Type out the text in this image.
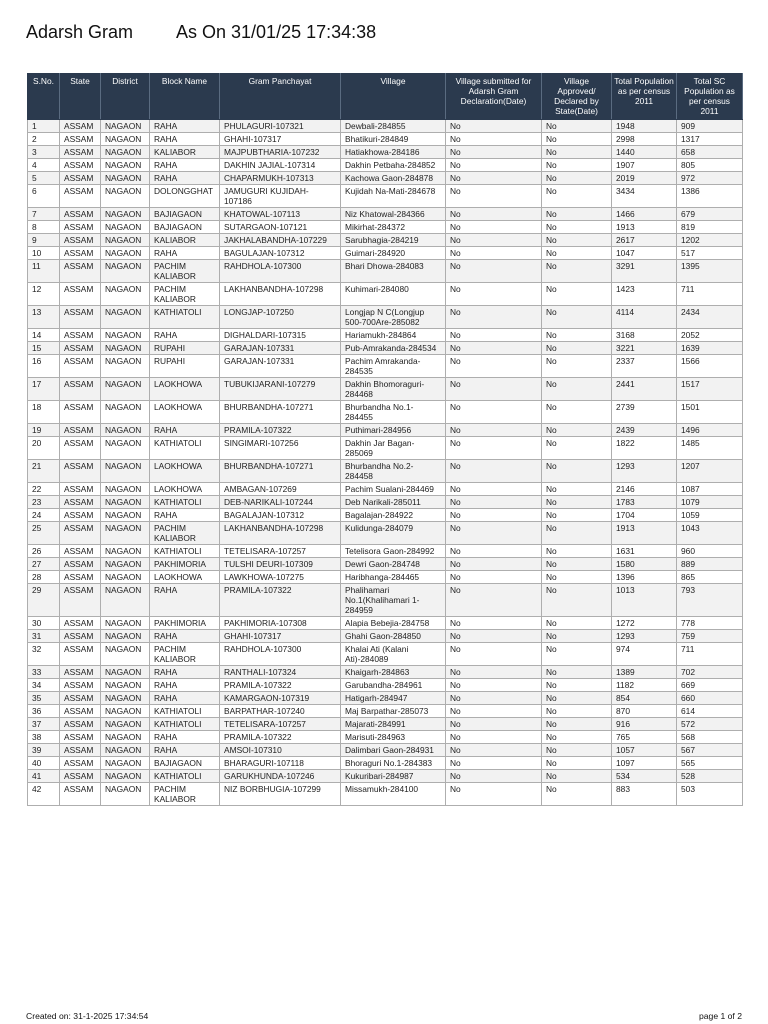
Adarsh Gram As On 31/01/25 17:34:38
S.No.	State	District	Block Name	Gram Panchayat	Village	Village submitted for Adarsh Gram Declaration(Date)	Village Approved/ Declared by State(Date)	Total Population as per census 2011	Total SC Population as per census 2011
1	ASSAM	NAGAON	RAHA	PHULAGURI-107321	Dewbali-284855	No	No	1948	909
2	ASSAM	NAGAON	RAHA	GHAHI-107317	Bhatikuri-284849	No	No	2998	1317
3	ASSAM	NAGAON	KALIABOR	MAJPUBTHARIA-107232	Hatiakhowa-284186	No	No	1440	658
4	ASSAM	NAGAON	RAHA	DAKHIN JAJIAL-107314	Dakhin Petbaha-284852	No	No	1907	805
5	ASSAM	NAGAON	RAHA	CHAPARMUKH-107313	Kachowa Gaon-284878	No	No	2019	972
6	ASSAM	NAGAON	DOLONGGHAT	JAMUGURI KUJIDAH-107186	Kujidah Na-Mati-284678	No	No	3434	1386
7	ASSAM	NAGAON	BAJIAGAON	KHATOWAL-107113	Niz Khatowal-284366	No	No	1466	679
8	ASSAM	NAGAON	BAJIAGAON	SUTARGAON-107121	Mikirhat-284372	No	No	1913	819
9	ASSAM	NAGAON	KALIABOR	JAKHALABANDHA-107229	Sarubhagia-284219	No	No	2617	1202
10	ASSAM	NAGAON	RAHA	BAGULAJAN-107312	Guimari-284920	No	No	1047	517
11	ASSAM	NAGAON	PACHIM KALIABOR	RAHDHOLA-107300	Bhari Dhowa-284083	No	No	3291	1395
12	ASSAM	NAGAON	PACHIM KALIABOR	LAKHANBANDHA-107298	Kuhimari-284080	No	No	1423	711
13	ASSAM	NAGAON	KATHIATOLI	LONGJAP-107250	Longjap N C(Longjup 500-700Are-285082	No	No	4114	2434
14	ASSAM	NAGAON	RAHA	DIGHALDARI-107315	Hariamukh-284864	No	No	3168	2052
15	ASSAM	NAGAON	RUPAHI	GARAJAN-107331	Pub-Amrakanda-284534	No	No	3221	1639
16	ASSAM	NAGAON	RUPAHI	GARAJAN-107331	Pachim Amrakanda-284535	No	No	2337	1566
17	ASSAM	NAGAON	LAOKHOWA	TUBUKIJARANI-107279	Dakhin Bhomoraguri-284468	No	No	2441	1517
18	ASSAM	NAGAON	LAOKHOWA	BHURBANDHA-107271	Bhurbandha No.1-284455	No	No	2739	1501
19	ASSAM	NAGAON	RAHA	PRAMILA-107322	Puthimari-284956	No	No	2439	1496
20	ASSAM	NAGAON	KATHIATOLI	SINGIMARI-107256	Dakhin Jar Bagan-285069	No	No	1822	1485
21	ASSAM	NAGAON	LAOKHOWA	BHURBANDHA-107271	Bhurbandha No.2-284458	No	No	1293	1207
22	ASSAM	NAGAON	LAOKHOWA	AMBAGAN-107269	Pachim Sualani-284469	No	No	2146	1087
23	ASSAM	NAGAON	KATHIATOLI	DEB-NARIKALI-107244	Deb Narikali-285011	No	No	1783	1079
24	ASSAM	NAGAON	RAHA	BAGALAJAN-107312	Bagalajan-284922	No	No	1704	1059
25	ASSAM	NAGAON	PACHIM KALIABOR	LAKHANBANDHA-107298	Kulidunga-284079	No	No	1913	1043
26	ASSAM	NAGAON	KATHIATOLI	TETELISARA-107257	Tetelisora Gaon-284992	No	No	1631	960
27	ASSAM	NAGAON	PAKHIMORIA	TULSHI DEURI-107309	Dewri Gaon-284748	No	No	1580	889
28	ASSAM	NAGAON	LAOKHOWA	LAWKHOWA-107275	Haribhanga-284465	No	No	1396	865
29	ASSAM	NAGAON	RAHA	PRAMILA-107322	Phalihamari No.1(Khalihamari 1-284959	No	No	1013	793
30	ASSAM	NAGAON	PAKHIMORIA	PAKHIMORIA-107308	Alapia Bebejia-284758	No	No	1272	778
31	ASSAM	NAGAON	RAHA	GHAHI-107317	Ghahi Gaon-284850	No	No	1293	759
32	ASSAM	NAGAON	PACHIM KALIABOR	RAHDHOLA-107300	Khalai Ati (Kalani Ati)-284089	No	No	974	711
33	ASSAM	NAGAON	RAHA	RANTHALI-107324	Khaigarh-284863	No	No	1389	702
34	ASSAM	NAGAON	RAHA	PRAMILA-107322	Garubandha-284961	No	No	1182	669
35	ASSAM	NAGAON	RAHA	KAMARGAON-107319	Hatigarh-284947	No	No	854	660
36	ASSAM	NAGAON	KATHIATOLI	BARPATHAR-107240	Maj Barpathar-285073	No	No	870	614
37	ASSAM	NAGAON	KATHIATOLI	TETELISARA-107257	Majarati-284991	No	No	916	572
38	ASSAM	NAGAON	RAHA	PRAMILA-107322	Marisuti-284963	No	No	765	568
39	ASSAM	NAGAON	RAHA	AMSOI-107310	Dalimbari Gaon-284931	No	No	1057	567
40	ASSAM	NAGAON	BAJIAGAON	BHARAGURI-107118	Bhoraguri No.1-284383	No	No	1097	565
41	ASSAM	NAGAON	KATHIATOLI	GARUKHUNDA-107246	Kukuribari-284987	No	No	534	528
42	ASSAM	NAGAON	PACHIM KALIABOR	NIZ BORBHUGIA-107299	Missamukh-284100	No	No	883	503
Created on: 31-1-2025 17:34:54	page 1 of 2
